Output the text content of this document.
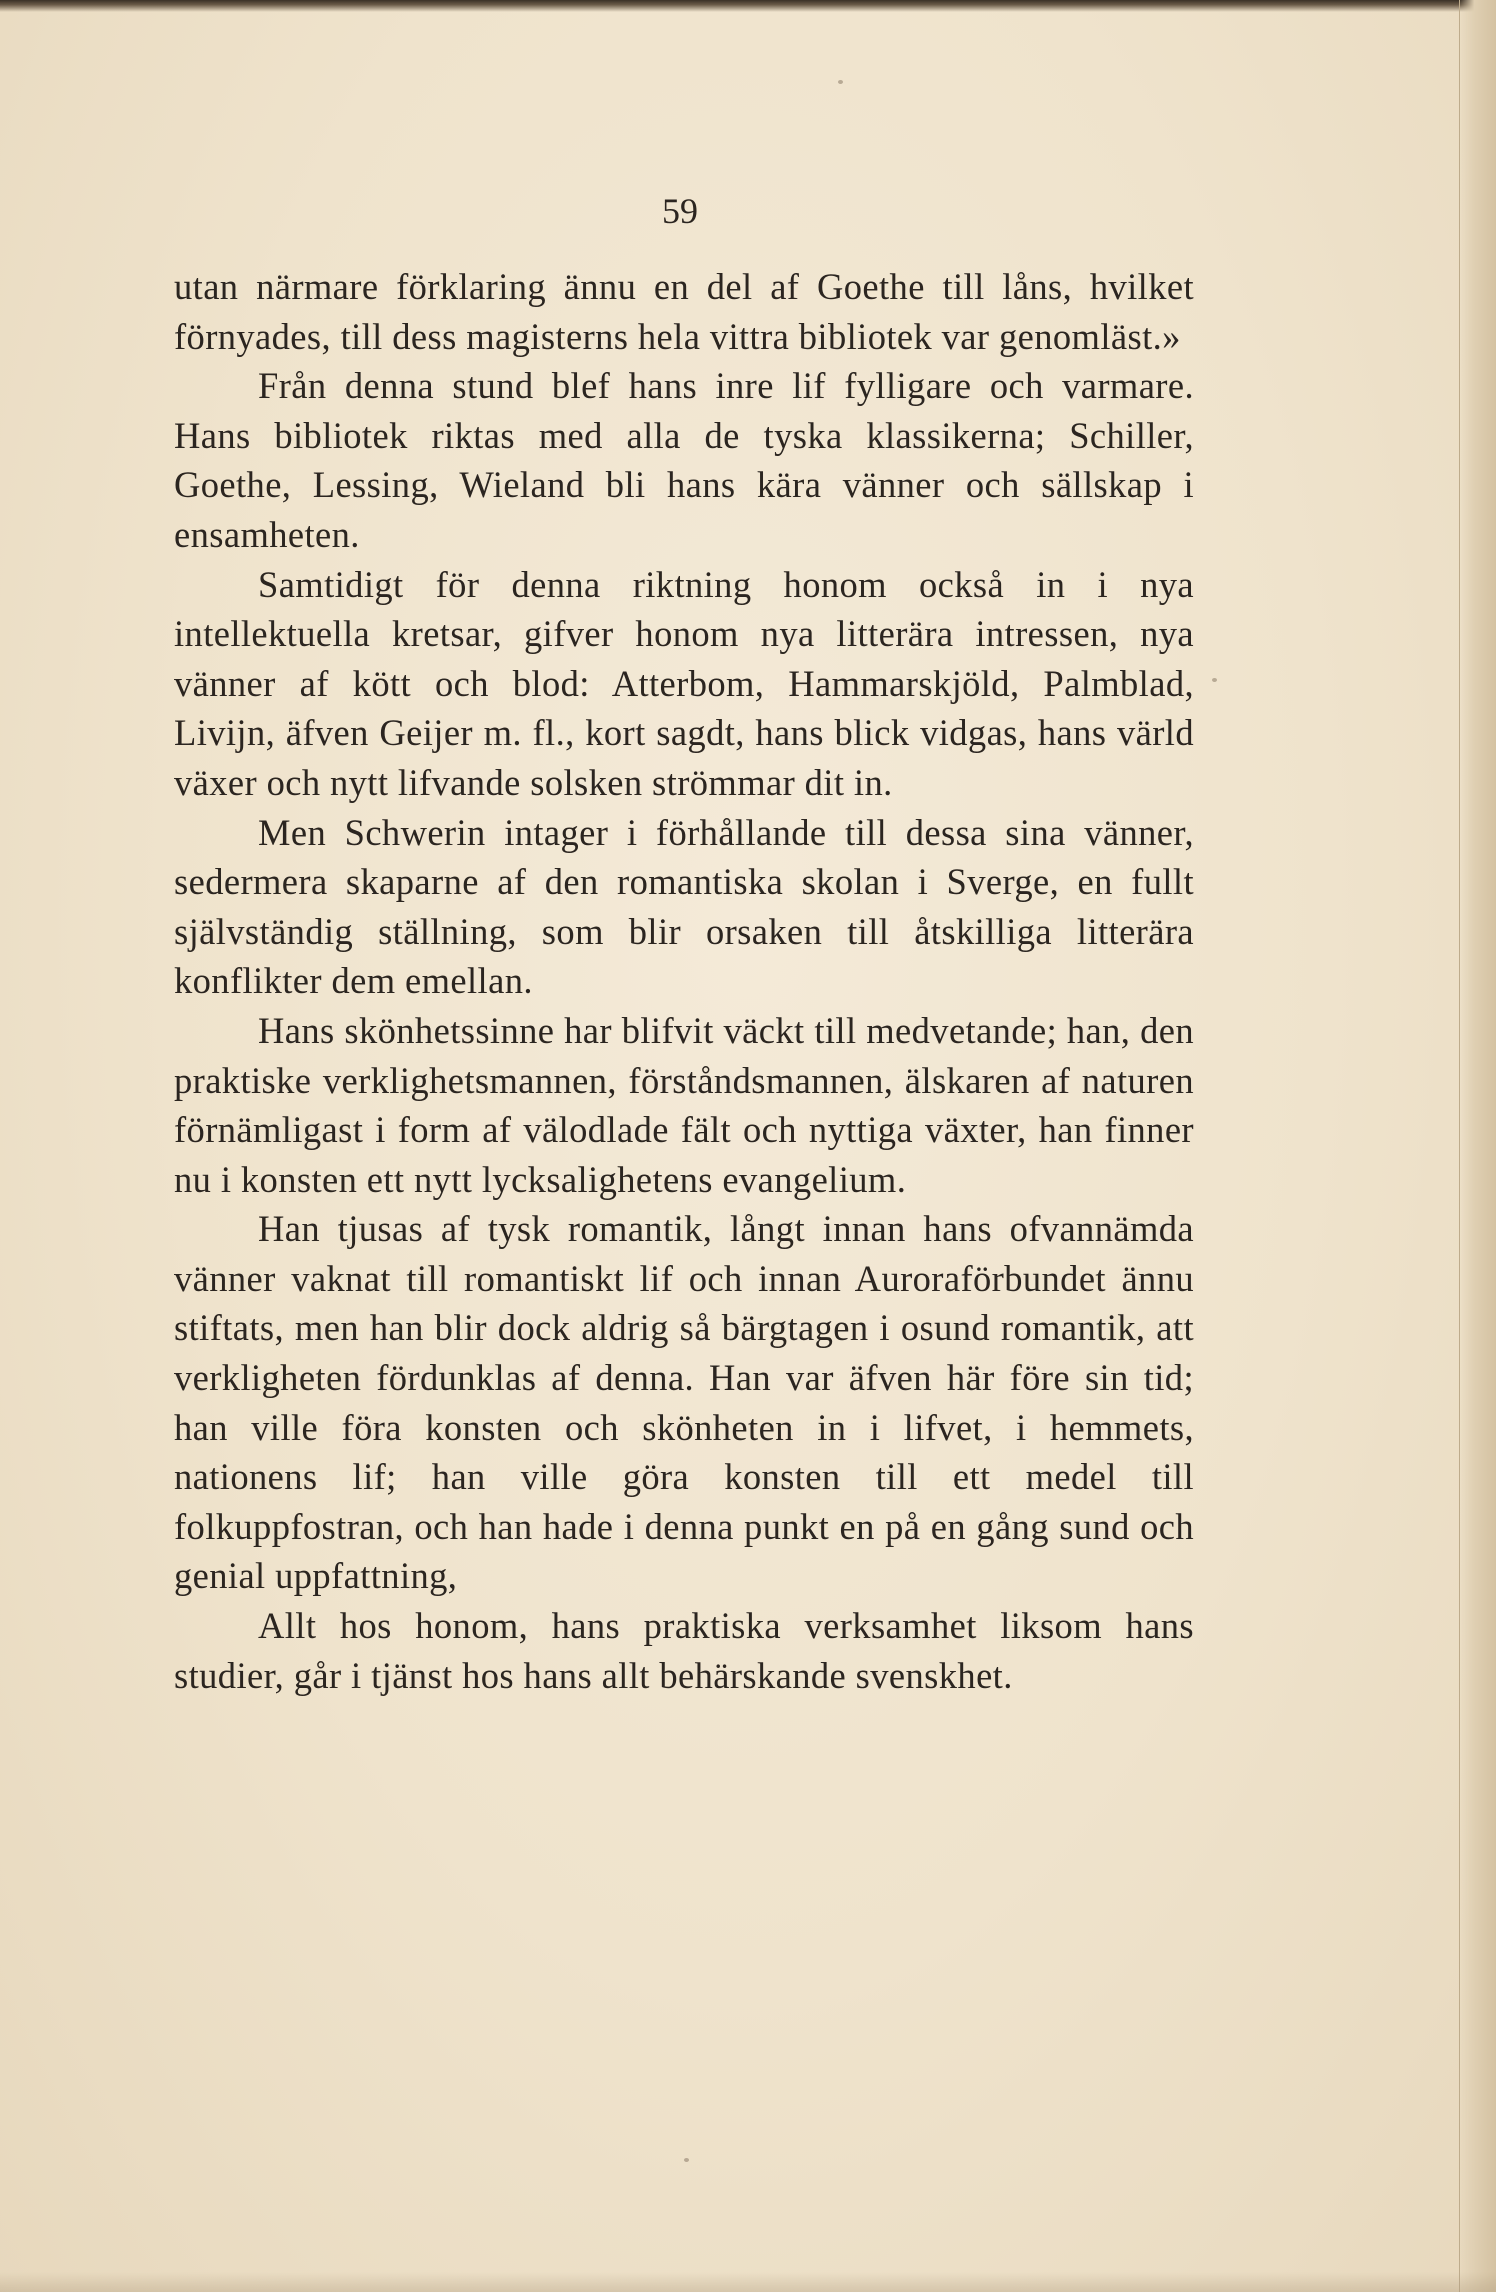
59

utan närmare förklaring ännu en del af Goethe till låns, hvilket förnyades, till dess magisterns hela vittra bibliotek var genomläst.»

Från denna stund blef hans inre lif fylligare och varmare. Hans bibliotek riktas med alla de tyska klassikerna; Schiller, Goethe, Lessing, Wieland bli hans kära vänner och sällskap i ensamheten.

Samtidigt för denna riktning honom också in i nya intellektuella kretsar, gifver honom nya litterära intressen, nya vänner af kött och blod: Atterbom, Hammarskjöld, Palmblad, Livijn, äfven Geijer m. fl., kort sagdt, hans blick vidgas, hans värld växer och nytt lifvande solsken strömmar dit in.

Men Schwerin intager i förhållande till dessa sina vänner, sedermera skaparne af den romantiska skolan i Sverge, en fullt självständig ställning, som blir orsaken till åtskilliga litterära konflikter dem emellan.

Hans skönhetssinne har blifvit väckt till medvetande; han, den praktiske verklighetsmannen, förståndsmannen, älskaren af naturen förnämligast i form af välodlade fält och nyttiga växter, han finner nu i konsten ett nytt lycksalighetens evangelium.

Han tjusas af tysk romantik, långt innan hans ofvannämda vänner vaknat till romantiskt lif och innan Auroraförbundet ännu stiftats, men han blir dock aldrig så bärgtagen i osund romantik, att verkligheten fördunklas af denna. Han var äfven här före sin tid; han ville föra konsten och skönheten in i lifvet, i hemmets, nationens lif; han ville göra konsten till ett medel till folkuppfostran, och han hade i denna punkt en på en gång sund och genial uppfattning,

Allt hos honom, hans praktiska verksamhet liksom hans studier, går i tjänst hos hans allt behärskande svenskhet.
